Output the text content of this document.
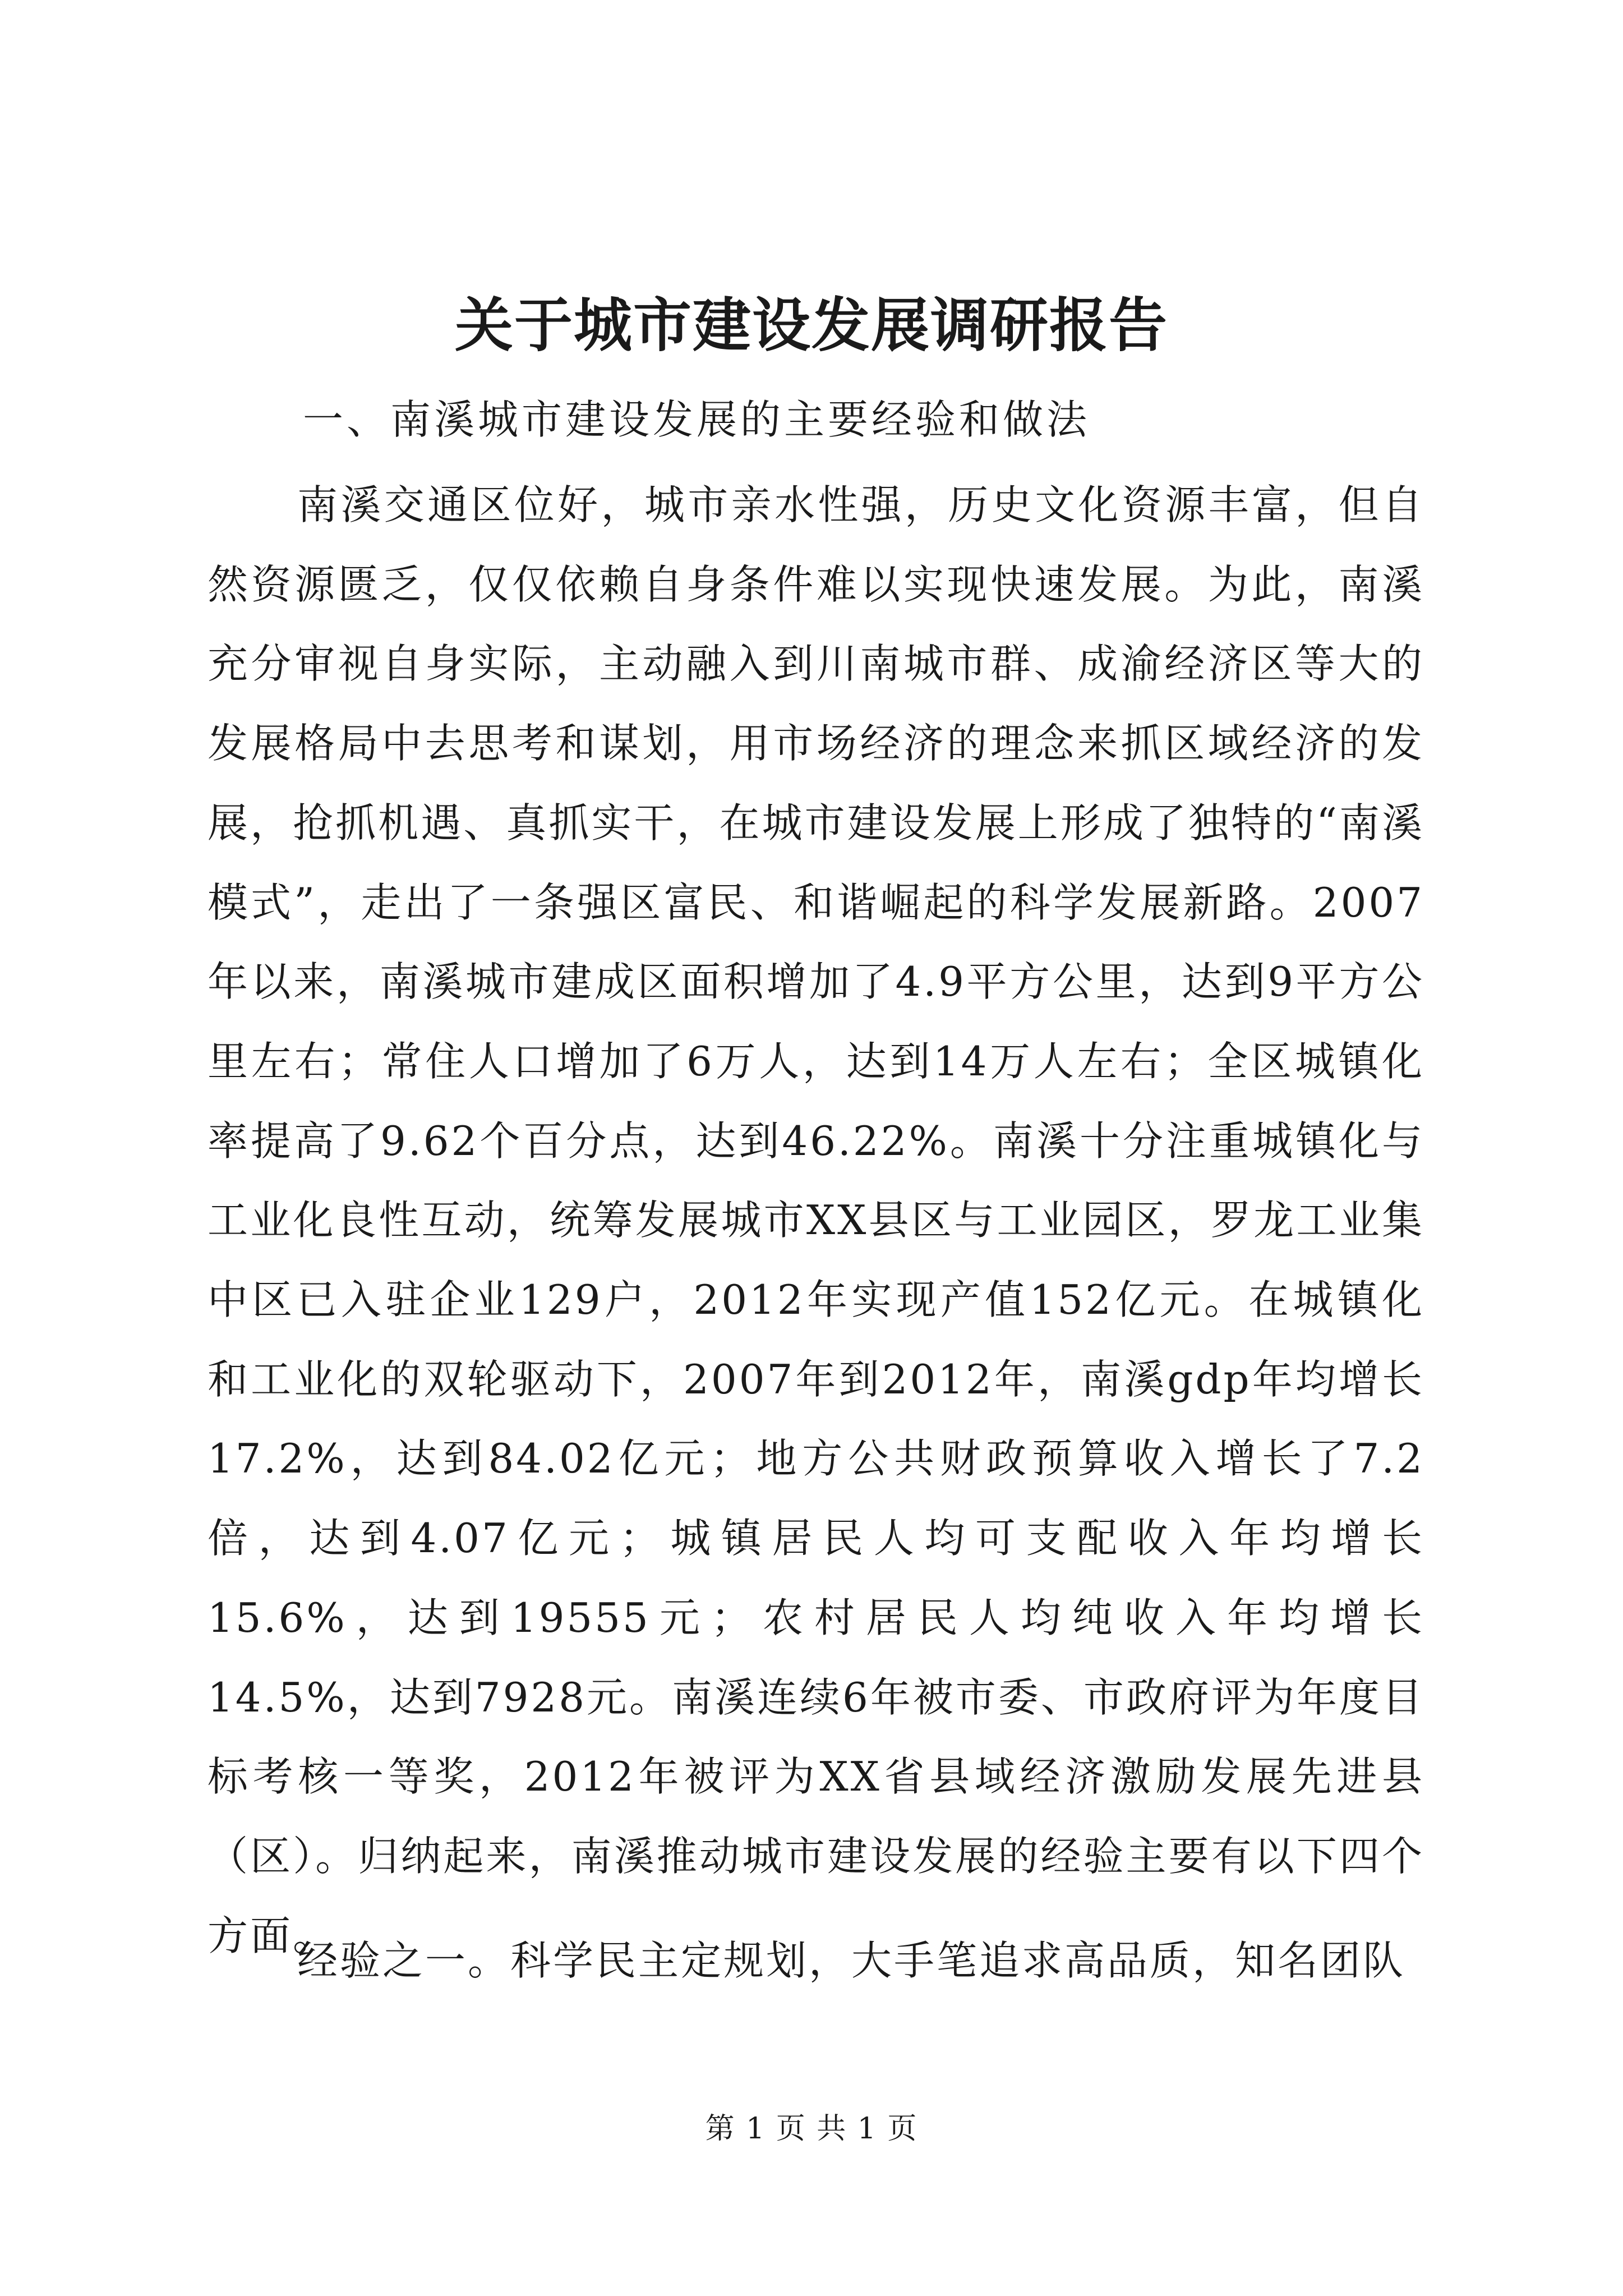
关于城市建设发展调研报告

一、南溪城市建设发展的主要经验和做法

南溪交通区位好，城市亲水性强，历史文化资源丰富，但自然资源匮乏，仅仅依赖自身条件难以实现快速发展。为此，南溪充分审视自身实际，主动融入到川南城市群、成渝经济区等大的发展格局中去思考和谋划，用市场经济的理念来抓区域经济的发展，抢抓机遇、真抓实干，在城市建设发展上形成了独特的“南溪模式”，走出了一条强区富民、和谐崛起的科学发展新路。2007年以来，南溪城市建成区面积增加了4.9平方公里，达到9平方公里左右；常住人口增加了6万人，达到14万人左右；全区城镇化率提高了9.62个百分点，达到46.22%。南溪十分注重城镇化与工业化良性互动，统筹发展城市XX县区与工业园区，罗龙工业集中区已入驻企业129户，2012年实现产值152亿元。在城镇化和工业化的双轮驱动下，2007年到2012年，南溪gdp年均增长17.2%，达到84.02亿元；地方公共财政预算收入增长了7.2倍，达到4.07亿元；城镇居民人均可支配收入年均增长15.6%，达到19555元；农村居民人均纯收入年均增长14.5%，达到7928元。南溪连续6年被市委、市政府评为年度目标考核一等奖，2012年被评为XX省县域经济激励发展先进县（区）。归纳起来，南溪推动城市建设发展的经验主要有以下四个方面。

经验之一。科学民主定规划，大手笔追求高品质，知名团队

第 1 页 共 1 页
